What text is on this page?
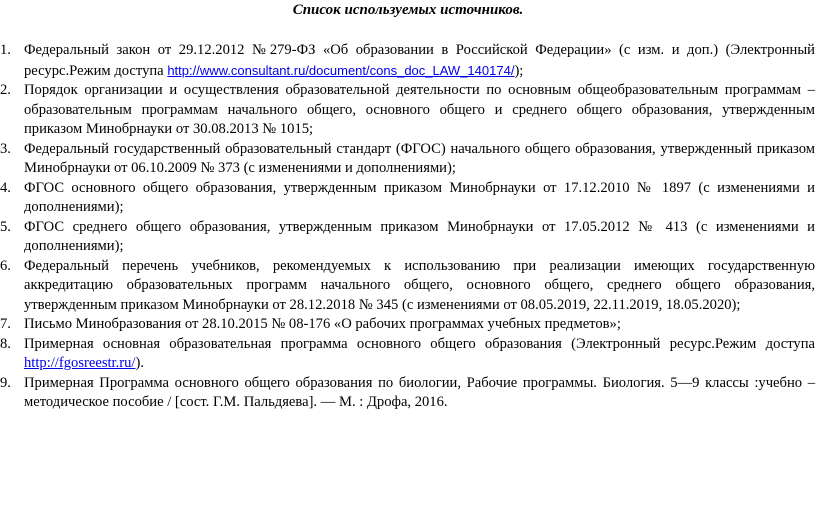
Список используемых источников.
1. Федеральный закон от 29.12.2012 №279-ФЗ «Об образовании в Российской Федерации» (с изм. и доп.) (Электронный ресурс.Режим доступа http://www.consultant.ru/document/cons_doc_LAW_140174/);
2. Порядок организации и осуществления образовательной деятельности по основным общеобразовательным программам – образовательным программам начального общего, основного общего и среднего общего образования, утвержденным приказом Минобрнауки от 30.08.2013 № 1015;
3. Федеральный государственный образовательный стандарт (ФГОС) начального общего образования, утвержденный приказом Минобрнауки от 06.10.2009 № 373 (с изменениями и дополнениями);
4. ФГОС основного общего образования, утвержденным приказом Минобрнауки от 17.12.2010 № 1897 (с изменениями и дополнениями);
5. ФГОС среднего общего образования, утвержденным приказом Минобрнауки от 17.05.2012 № 413 (с изменениями и дополнениями);
6. Федеральный перечень учебников, рекомендуемых к использованию при реализации имеющих государственную аккредитацию образовательных программ начального общего, основного общего, среднего общего образования, утвержденным приказом Минобрнауки от 28.12.2018 № 345 (с изменениями от 08.05.2019, 22.11.2019, 18.05.2020);
7. Письмо Минобразования от 28.10.2015 № 08-176 «О рабочих программах учебных предметов»;
8. Примерная основная образовательная программа основного общего образования (Электронный ресурс.Режим доступа http://fgosreestr.ru/).
9. Примерная Программа основного общего образования по биологии, Рабочие программы. Биология. 5—9 классы :учебно – методическое пособие / [сост. Г.М. Пальдяева]. — М. : Дрофа, 2016.
